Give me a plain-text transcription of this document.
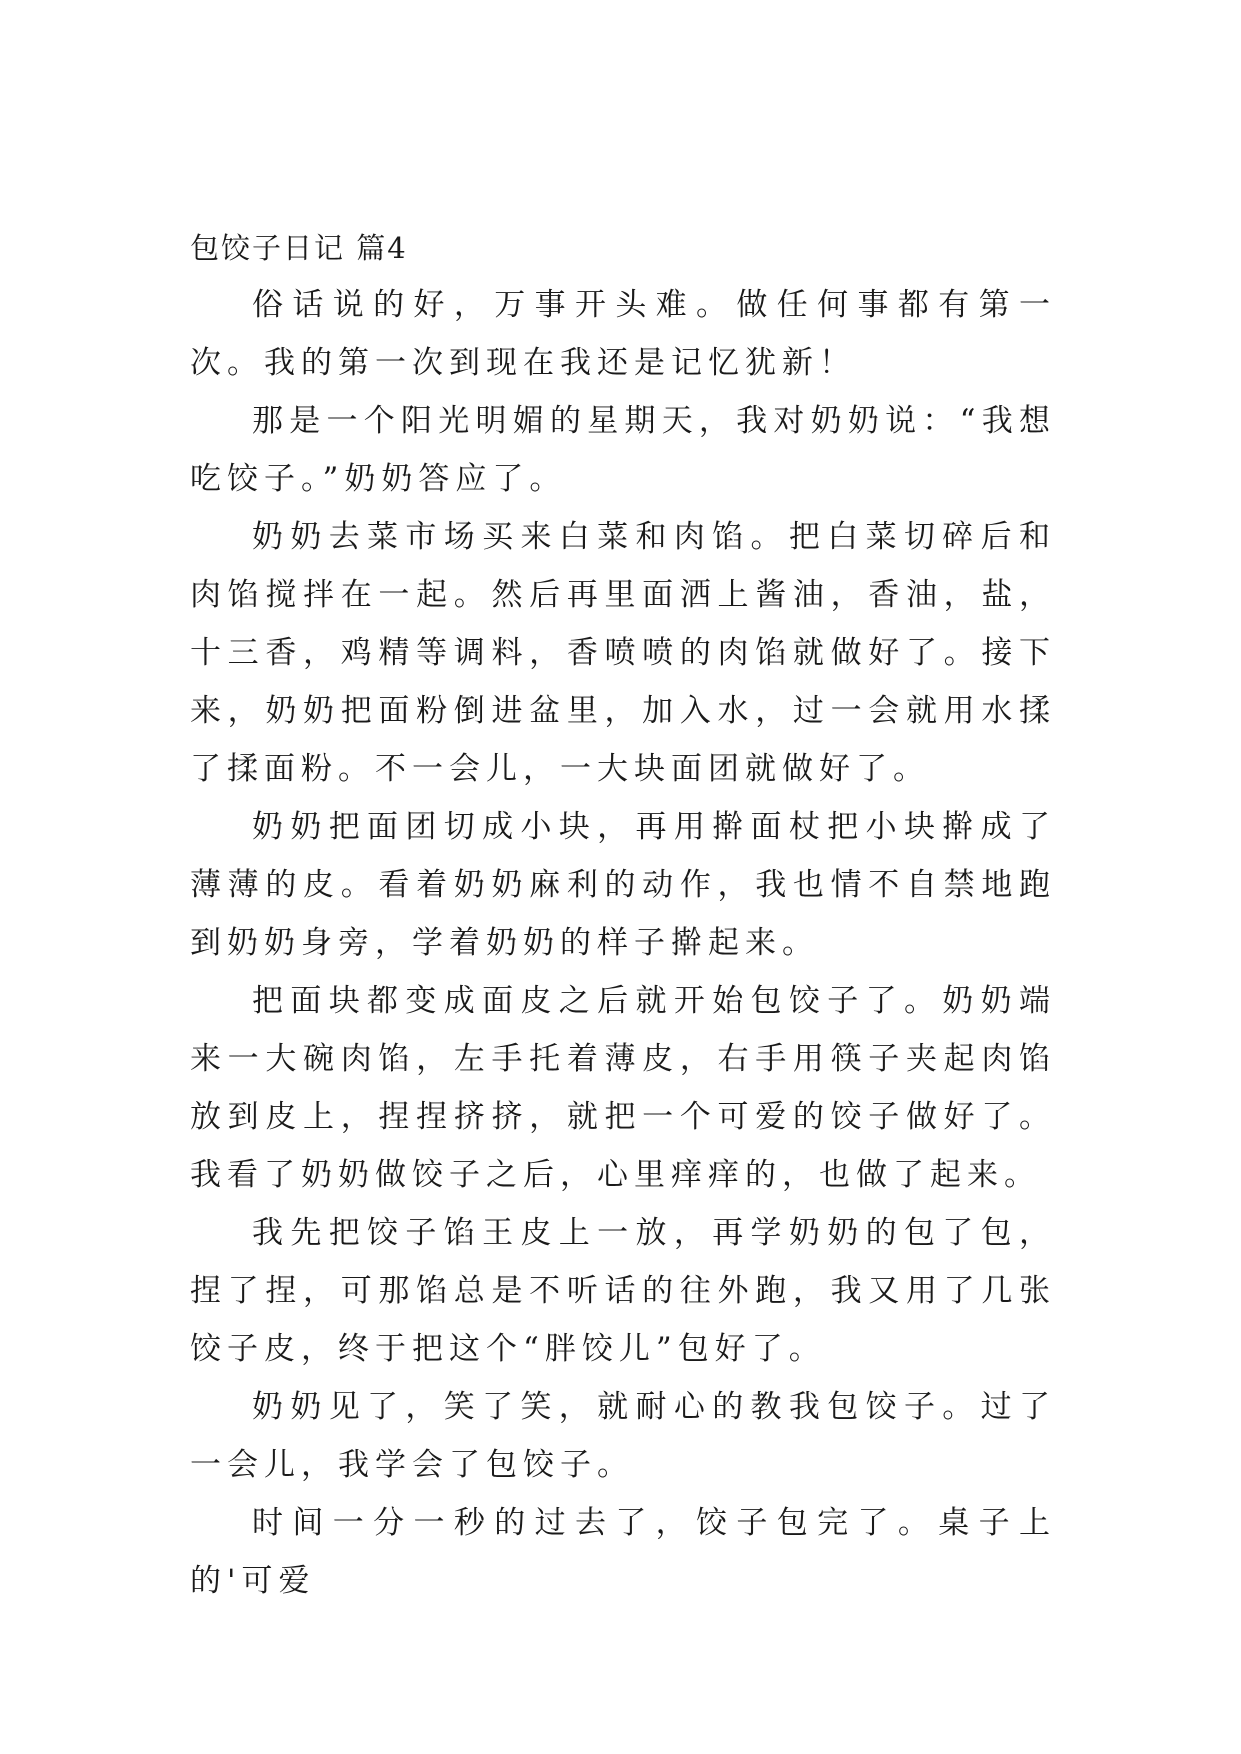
包饺子日记 篇4

俗话说的好，万事开头难。做任何事都有第一次。我的第一次到现在我还是记忆犹新！

那是一个阳光明媚的星期天，我对奶奶说：“我想吃饺子。”奶奶答应了。

奶奶去菜市场买来白菜和肉馅。把白菜切碎后和肉馅搅拌在一起。然后再里面洒上酱油，香油，盐，十三香，鸡精等调料，香喷喷的肉馅就做好了。接下来，奶奶把面粉倒进盆里，加入水，过一会就用水揉了揉面粉。不一会儿，一大块面团就做好了。

奶奶把面团切成小块，再用擀面杖把小块擀成了薄薄的皮。看着奶奶麻利的动作，我也情不自禁地跑到奶奶身旁，学着奶奶的样子擀起来。

把面块都变成面皮之后就开始包饺子了。奶奶端来一大碗肉馅，左手托着薄皮，右手用筷子夹起肉馅放到皮上，捏捏挤挤，就把一个可爱的饺子做好了。我看了奶奶做饺子之后，心里痒痒的，也做了起来。

我先把饺子馅王皮上一放，再学奶奶的包了包，捏了捏，可那馅总是不听话的往外跑，我又用了几张饺子皮，终于把这个“胖饺儿”包好了。

奶奶见了，笑了笑，就耐心的教我包饺子。过了一会儿，我学会了包饺子。

时间一分一秒的过去了，饺子包完了。桌子上的'可爱
